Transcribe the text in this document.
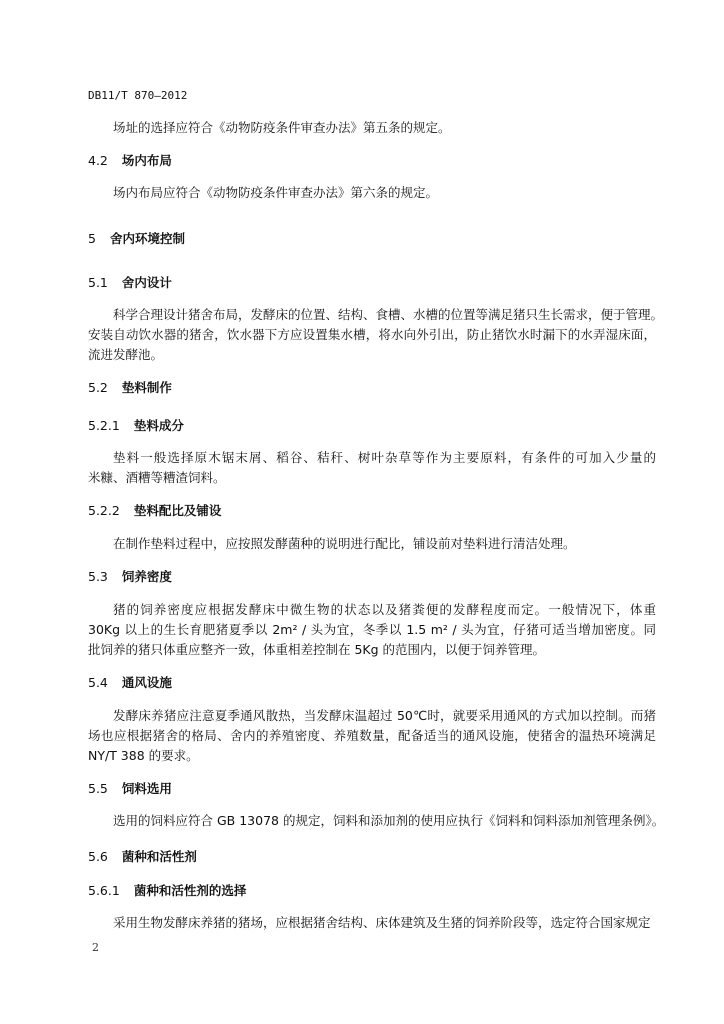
DB11/T 870—2012
场址的选择应符合《动物防疫条件审查办法》第五条的规定。
4.2 场内布局
场内布局应符合《动物防疫条件审查办法》第六条的规定。
5 舍内环境控制
5.1 舍内设计
科学合理设计猪舍布局，发酵床的位置、结构、食槽、水槽的位置等满足猪只生长需求，便于管理。
安装自动饮水器的猪舍，饮水器下方应设置集水槽，将水向外引出，防止猪饮水时漏下的水弄湿床面，
流进发酵池。
5.2 垫料制作
5.2.1 垫料成分
垫料一般选择原木锯末屑、稻谷、秸秆、树叶杂草等作为主要原料，有条件的可加入少量的
米糠、酒糟等糟渣饲料。
5.2.2 垫料配比及铺设
在制作垫料过程中，应按照发酵菌种的说明进行配比，铺设前对垫料进行清洁处理。
5.3 饲养密度
猪的饲养密度应根据发酵床中微生物的状态以及猪粪便的发酵程度而定。一般情况下，体重
30Kg 以上的生长育肥猪夏季以 2m² / 头为宜，冬季以 1.5 m² / 头为宜，仔猪可适当增加密度。同
批饲养的猪只体重应整齐一致，体重相差控制在 5Kg 的范围内，以便于饲养管理。
5.4 通风设施
发酵床养猪应注意夏季通风散热，当发酵床温超过 50℃时，就要采用通风的方式加以控制。而猪
场也应根据猪舍的格局、舍内的养殖密度、养殖数量，配备适当的通风设施，使猪舍的温热环境满足
NY/T 388 的要求。
5.5 饲料选用
选用的饲料应符合 GB 13078 的规定，饲料和添加剂的使用应执行《饲料和饲料添加剂管理条例》。
5.6 菌种和活性剂
5.6.1 菌种和活性剂的选择
采用生物发酵床养猪的猪场，应根据猪舍结构、床体建筑及生猪的饲养阶段等，选定符合国家规定
2
